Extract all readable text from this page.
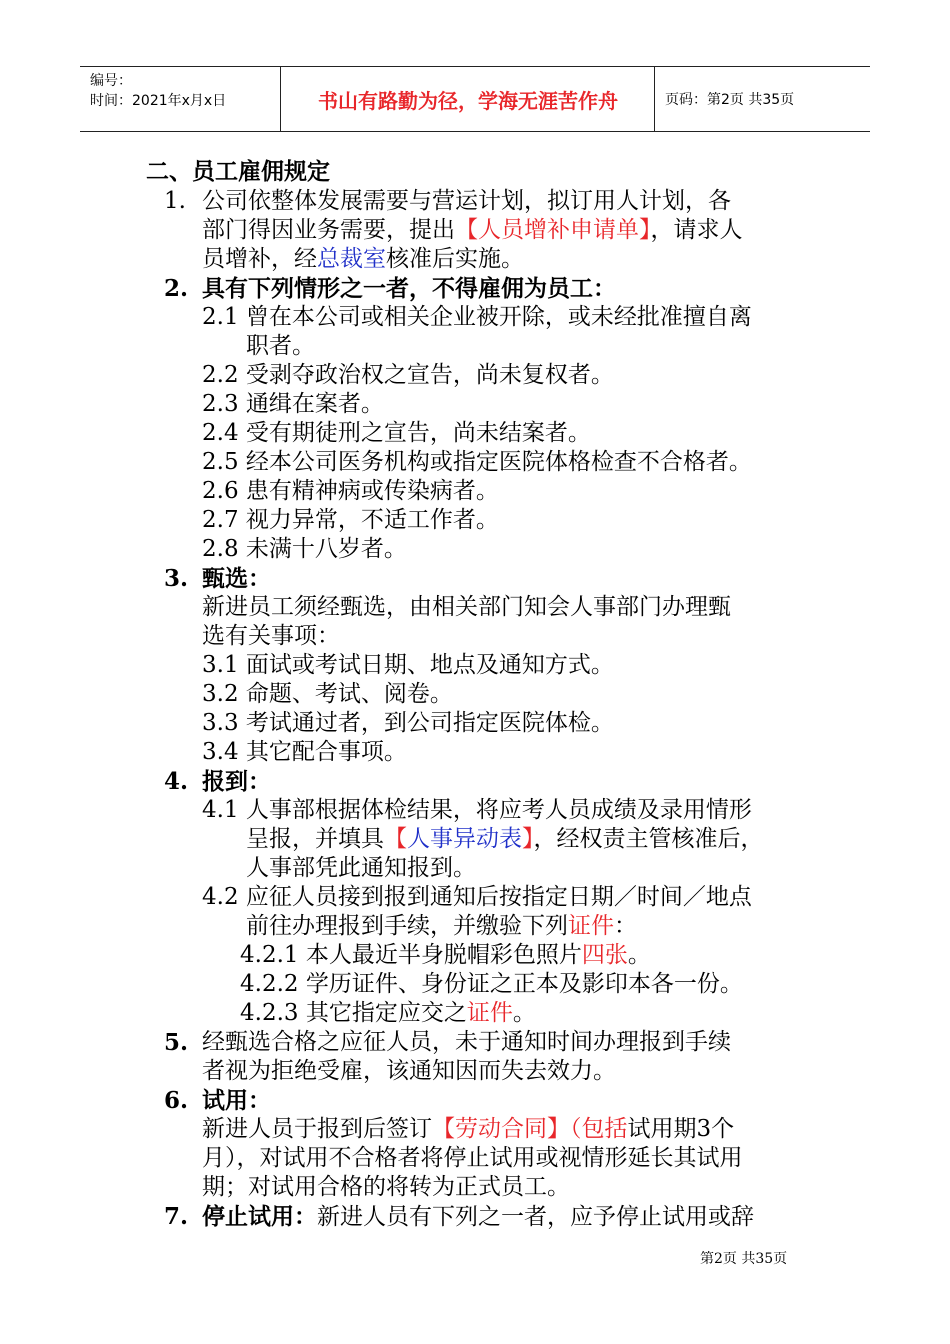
编号：
时间：2021年x月x日	书山有路勤为径，学海无涯苦作舟	页码：第2页 共35页
二、员工雇佣规定
1. 公司依整体发展需要与营运计划，拟订用人计划，各
部门得因业务需要，提出【人员增补申请单】，请求人
员增补，经总裁室核准后实施。
2. 具有下列情形之一者，不得雇佣为员工：
2.1 曾在本公司或相关企业被开除，或未经批准擅自离
职者。
2.2 受剥夺政治权之宣告，尚未复权者。
2.3 通缉在案者。
2.4 受有期徒刑之宣告，尚未结案者。
2.5 经本公司医务机构或指定医院体格检查不合格者。
2.6 患有精神病或传染病者。
2.7 视力异常，不适工作者。
2.8 未满十八岁者。
3. 甄选：
新进员工须经甄选，由相关部门知会人事部门办理甄
选有关事项：
3.1 面试或考试日期、地点及通知方式。
3.2 命题、考试、阅卷。
3.3 考试通过者，到公司指定医院体检。
3.4 其它配合事项。
4. 报到：
4.1 人事部根据体检结果，将应考人员成绩及录用情形
呈报，并填具【人事异动表】，经权责主管核准后，
人事部凭此通知报到。
4.2 应征人员接到报到通知后按指定日期／时间／地点
前往办理报到手续，并缴验下列证件：
4.2.1 本人最近半身脱帽彩色照片四张。
4.2.2 学历证件、身份证之正本及影印本各一份。
4.2.3 其它指定应交之证件。
5. 经甄选合格之应征人员，未于通知时间办理报到手续
者视为拒绝受雇，该通知因而失去效力。
6. 试用：
新进人员于报到后签订【劳动合同】（包括试用期3个
月），对试用不合格者将停止试用或视情形延长其试用
期；对试用合格的将转为正式员工。
7. 停止试用：新进人员有下列之一者，应予停止试用或辞
第2页 共35页
